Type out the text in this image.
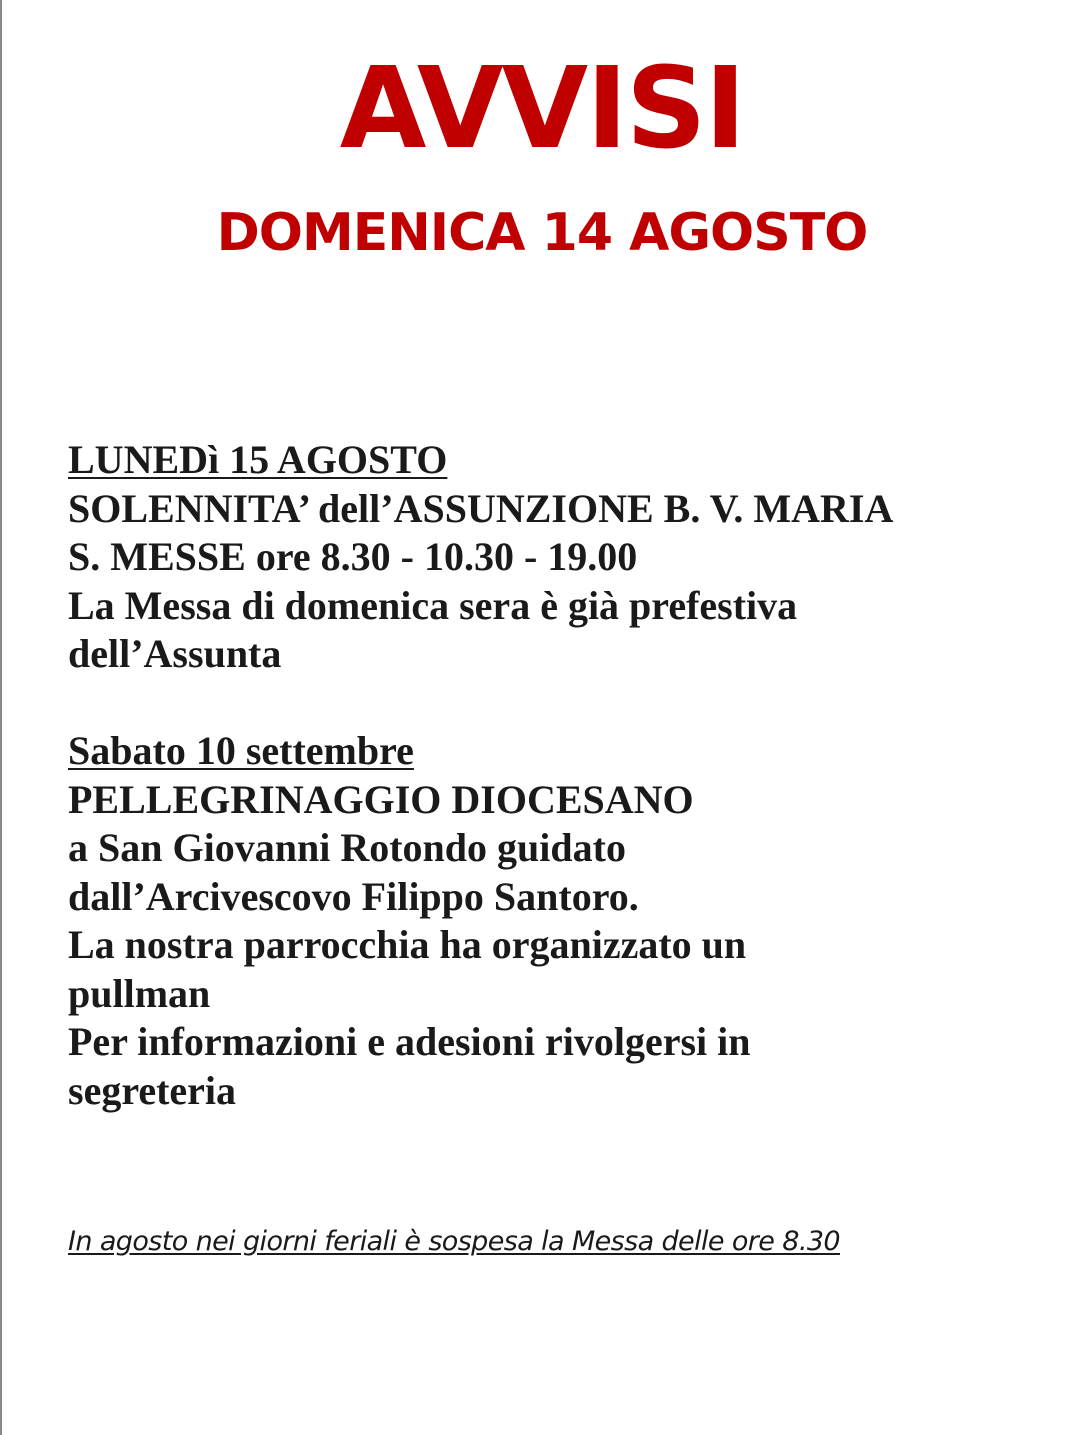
AVVISI
DOMENICA 14 AGOSTO

LUNEDì 15 AGOSTO

SOLENNITA’ dell’ASSUNZIONE B. V. MARIA

S. MESSE ore 8.30 - 10.30 - 19.00

La Messa di domenica sera è già prefestiva

dell’Assunta

Sabato 10 settembre

PELLEGRINAGGIO DIOCESANO

a San Giovanni Rotondo guidato

dall’Arcivescovo Filippo Santoro.

La nostra parrocchia ha organizzato un

pullman

Per informazioni e adesioni rivolgersi in

segreteria

In agosto nei giorni feriali è sospesa la Messa delle ore 8.30
